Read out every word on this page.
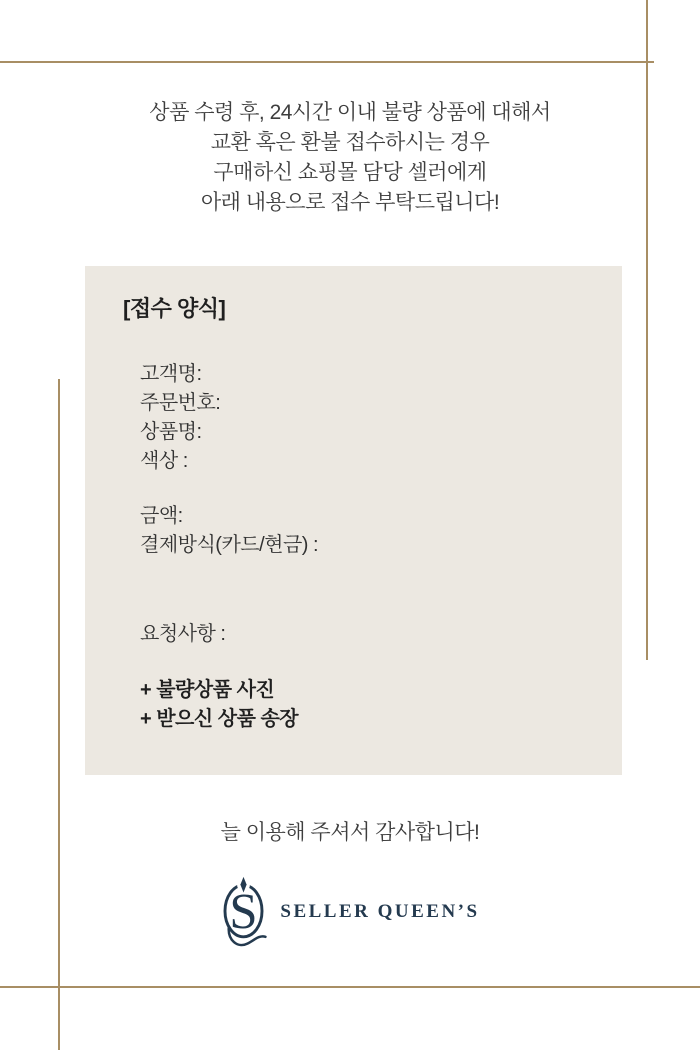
상품 수령 후, 24시간 이내 불량 상품에 대해서
교환 혹은 환불 접수하시는 경우
구매하신 쇼핑몰 담당 셀러에게
아래 내용으로 접수 부탁드립니다!
[접수 양식]
고객명:
주문번호:
상품명:
색상 :
금액:
결제방식(카드/현금) :
요청사항 :
+ 불량상품 사진
+ 받으신 상품 송장
늘 이용해 주셔서 감사합니다!
S SELLER QUEEN’S
